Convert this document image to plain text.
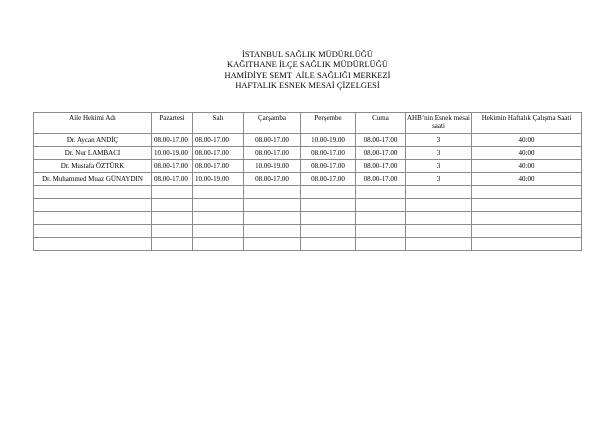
İSTANBUL SAĞLIK MÜDÜRLÜĞÜ
KAĞITHANE İLÇE SAĞLIK MÜDÜRLÜĞÜ
HAMİDİYE SEMT  AİLE SAĞLIĞI MERKEZİ
HAFTALIK ESNEK MESAİ ÇİZELGESİ
Aile Hekimi Adı	Pazartesi	Salı	Çarşamba	Perşembe	Cuma	AHB’nin Esnek mesai saati	Hekimin Haftalık Çalışma Saati
Dr. Aycan ANDİÇ	08.00-17.00	08.00-17.00	08.00-17.00	10.00-19.00	08.00-17.00	3	40:00
Dr. Nur LAMBACI	10.00-19.00	08.00-17.00	08.00-17.00	08.00-17.00	08.00-17.00	3	40:00
Dr. Mustafa ÖZTÜRK	08.00-17.00	08.00-17.00	10.00-19.00	08.00-17.00	08.00-17.00	3	40:00
Dr. Muhammed Muaz GÜNAYDIN	08.00-17.00	10.00-19.00	08.00-17.00	08.00-17.00	08.00-17.00	3	40:00
